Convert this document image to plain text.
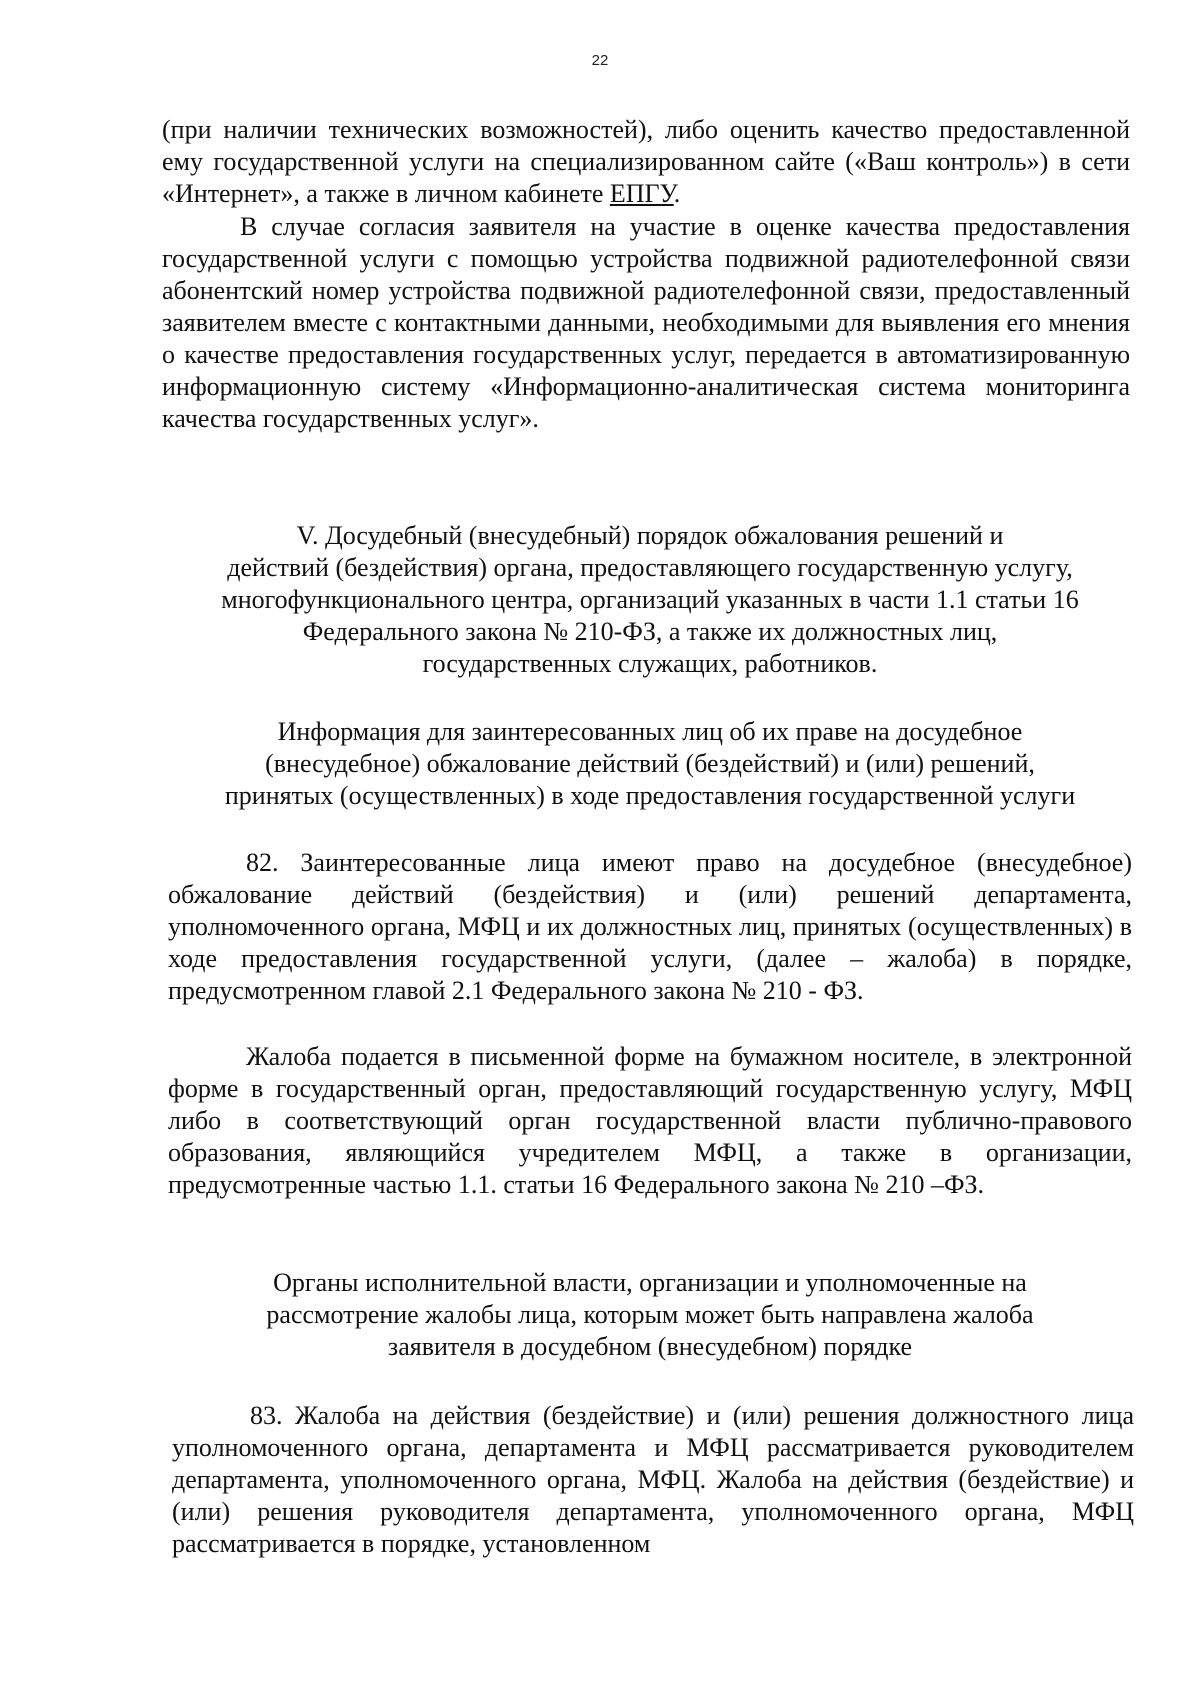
22

(при наличии технических возможностей), либо оценить качество предоставленной ему государственной услуги на специализированном сайте («Ваш контроль») в сети «Интернет», а также в личном кабинете ЕПГУ.

В случае согласия заявителя на участие в оценке качества предоставления государственной услуги с помощью устройства подвижной радиотелефонной связи абонентский номер устройства подвижной радиотелефонной связи, предоставленный заявителем вместе с контактными данными, необходимыми для выявления его мнения о качестве предоставления государственных услуг, передается в автоматизированную информационную систему «Информационно-аналитическая система мониторинга качества государственных услуг».

V. Досудебный (внесудебный) порядок обжалования решений и
действий (бездействия) органа, предоставляющего государственную услугу,
многофункционального центра, организаций указанных в части 1.1 статьи 16
Федерального закона № 210-ФЗ, а также их должностных лиц,
государственных служащих, работников.
Информация для заинтересованных лиц об их праве на досудебное
(внесудебное) обжалование действий (бездействий) и (или) решений,
принятых (осуществленных) в ходе предоставления государственной услуги

82. Заинтересованные лица имеют право на досудебное (внесудебное) обжалование действий (бездействия) и (или) решений департамента, уполномоченного органа, МФЦ и их должностных лиц, принятых (осуществленных) в ходе предоставления государственной услуги, (далее – жалоба) в порядке, предусмотренном главой 2.1 Федерального закона № 210 - ФЗ.

Жалоба подается в письменной форме на бумажном носителе, в электронной форме в государственный орган, предоставляющий государственную услугу, МФЦ либо в соответствующий орган государственной власти публично-правового образования, являющийся учредителем МФЦ, а также в организации, предусмотренные частью 1.1. статьи 16 Федерального закона № 210 –ФЗ.

Органы исполнительной власти, организации и уполномоченные на
рассмотрение жалобы лица, которым может быть направлена жалоба
заявителя в досудебном (внесудебном) порядке

83. Жалоба на действия (бездействие) и (или) решения должностного лица уполномоченного органа, департамента и МФЦ рассматривается руководителем департамента, уполномоченного органа, МФЦ. Жалоба на действия (бездействие) и (или) решения руководителя департамента, уполномоченного органа, МФЦ рассматривается в порядке, установленном
